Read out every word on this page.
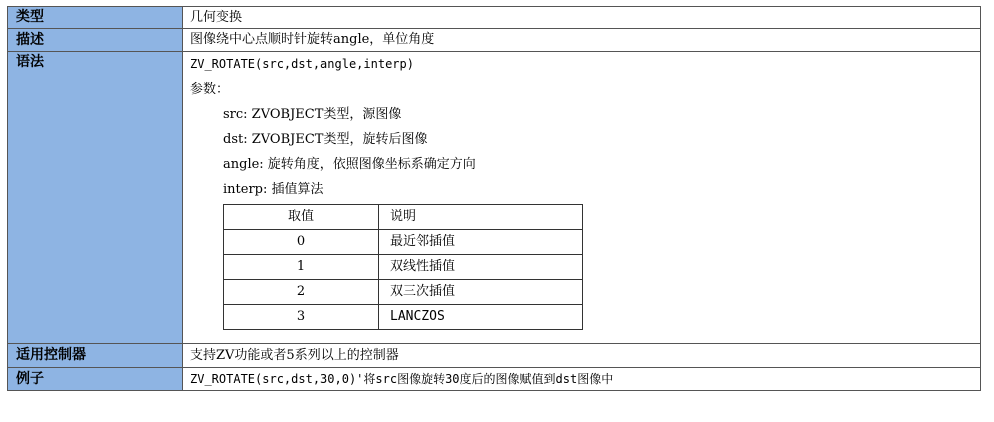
类型	几何变换
描述	图像绕中心点顺时针旋转angle，单位角度
语法	ZV_ROTATE(src,dst,angle,interp)
参数：
src: ZVOBJECT类型，源图像
dst: ZVOBJECT类型，旋转后图像
angle: 旋转角度，依照图像坐标系确定方向
interp: 插值算法
取值	说明
0	最近邻插值
1	双线性插值
2	双三次插值
3	LANCZOS

适用控制器	支持ZV功能或者5系列以上的控制器
例子	ZV_ROTATE(src,dst,30,0)'将src图像旋转30度后的图像赋值到dst图像中
